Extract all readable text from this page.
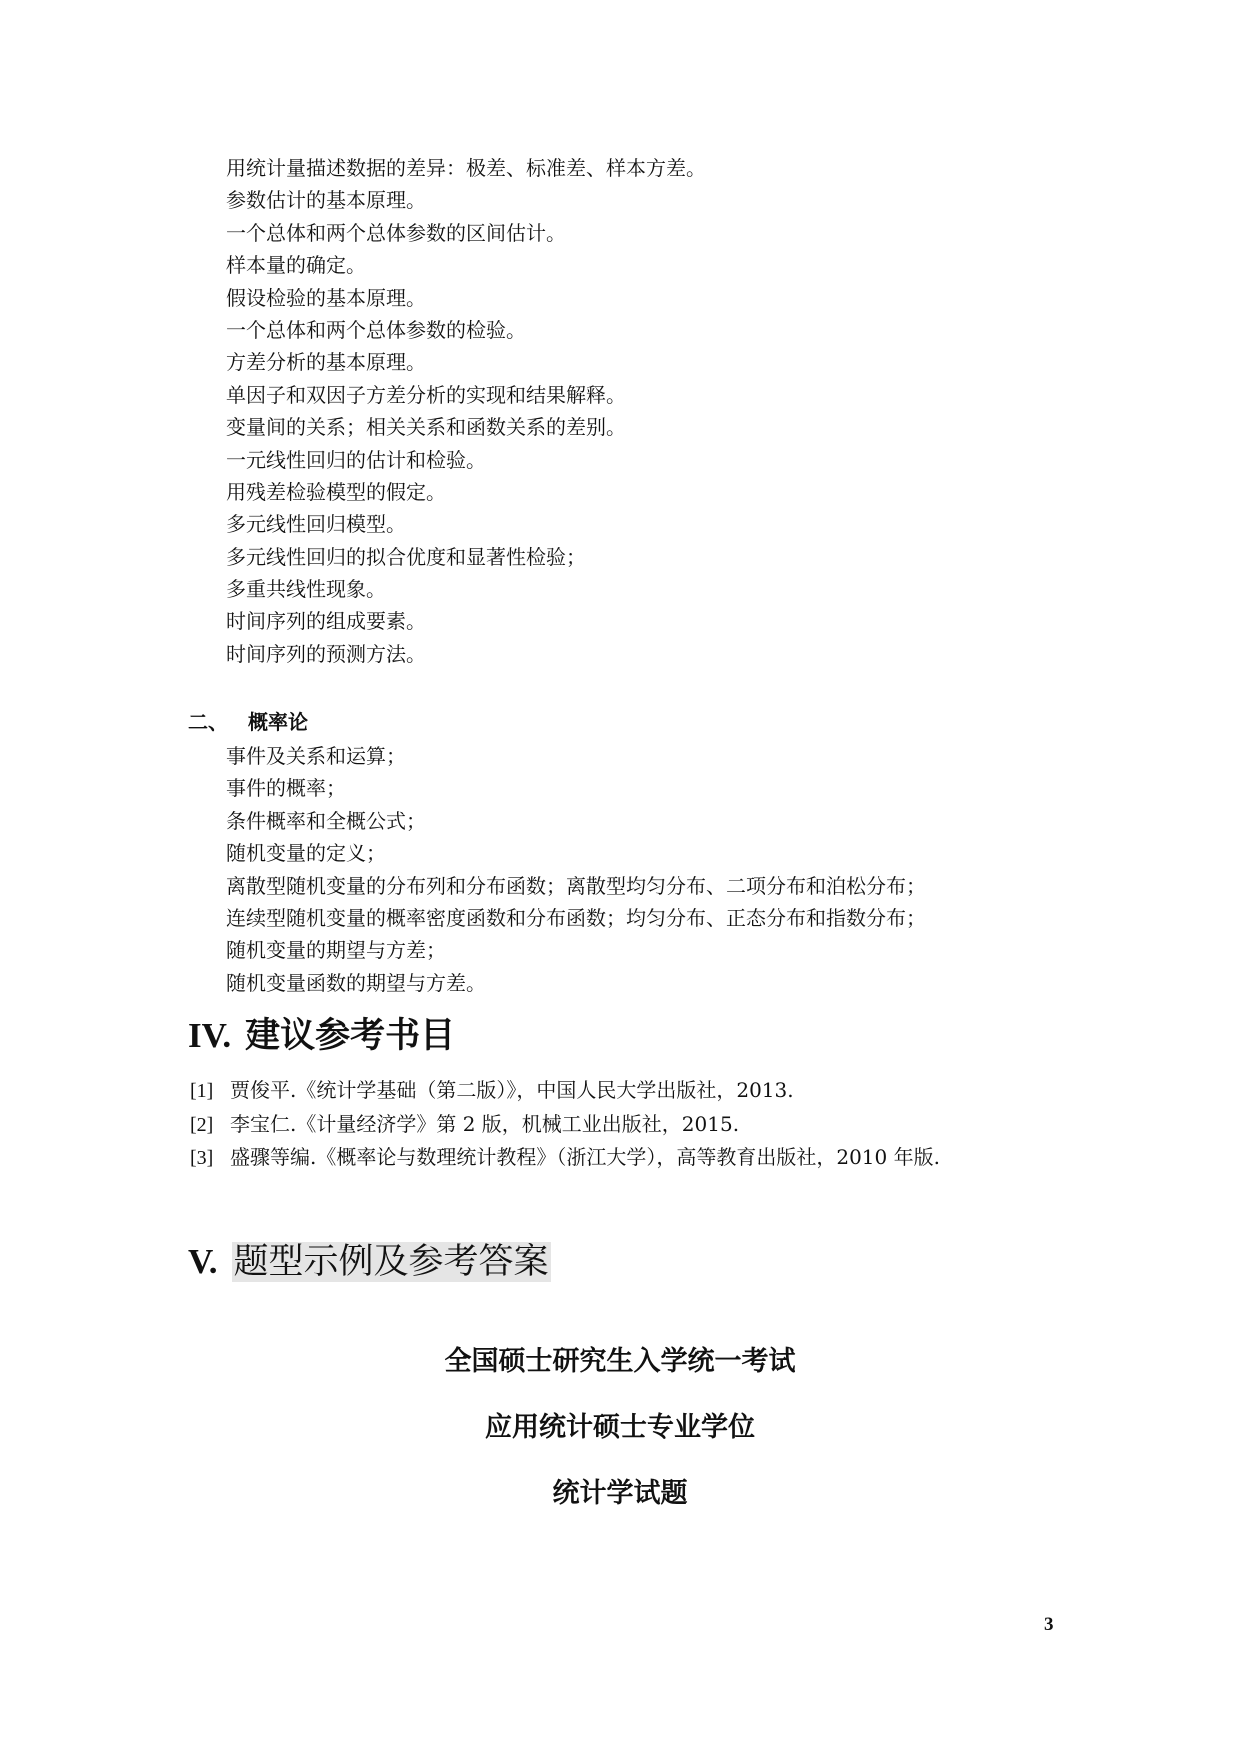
用统计量描述数据的差异：极差、标准差、样本方差。
参数估计的基本原理。
一个总体和两个总体参数的区间估计。
样本量的确定。
假设检验的基本原理。
一个总体和两个总体参数的检验。
方差分析的基本原理。
单因子和双因子方差分析的实现和结果解释。
变量间的关系；相关关系和函数关系的差别。
一元线性回归的估计和检验。
用残差检验模型的假定。
多元线性回归模型。
多元线性回归的拟合优度和显著性检验；
多重共线性现象。
时间序列的组成要素。
时间序列的预测方法。
二、 概率论
事件及关系和运算；
事件的概率；
条件概率和全概公式；
随机变量的定义；
离散型随机变量的分布列和分布函数；离散型均匀分布、二项分布和泊松分布；
连续型随机变量的概率密度函数和分布函数；均匀分布、正态分布和指数分布；
随机变量的期望与方差；
随机变量函数的期望与方差。
IV. 建议参考书目
[1] 贾俊平.《统计学基础（第二版）》，中国人民大学出版社，2013.
[2] 李宝仁.《计量经济学》第 2 版，机械工业出版社，2015.
[3] 盛骤等编.《概率论与数理统计教程》（浙江大学），高等教育出版社，2010 年版.
V. 题型示例及参考答案
全国硕士研究生入学统一考试
应用统计硕士专业学位
统计学试题
3
